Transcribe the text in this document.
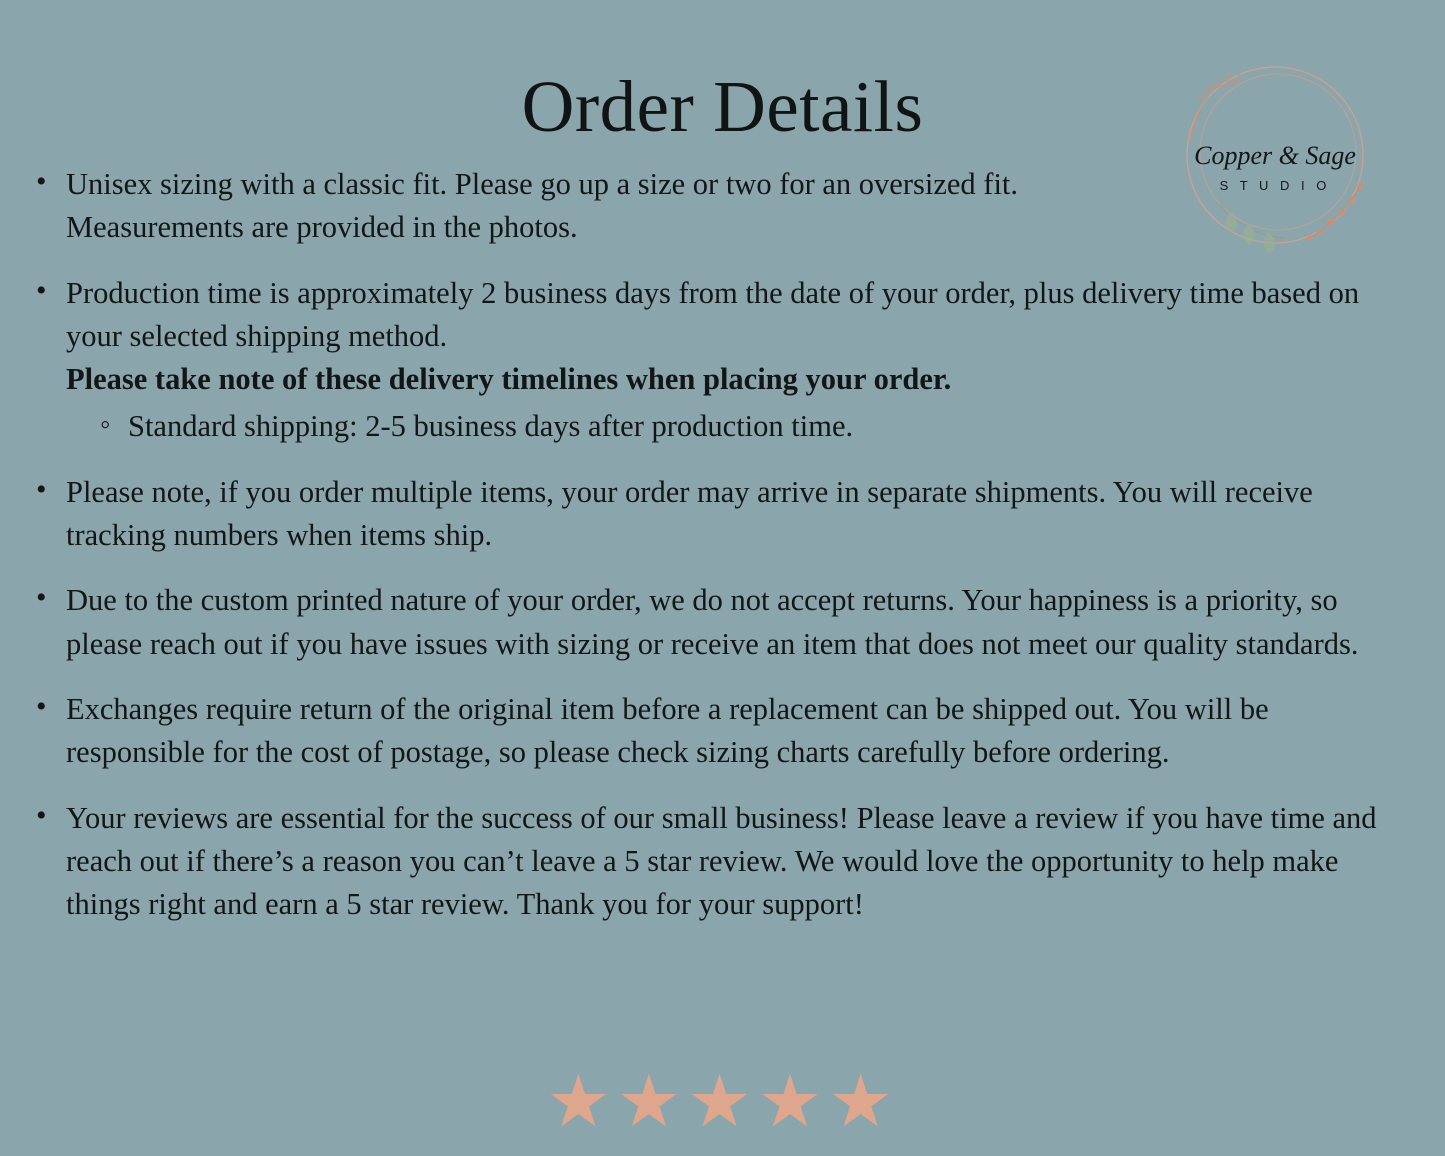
Order Details
Copper & Sage
S T U D I O
• Unisex sizing with a classic fit. Please go up a size or two for an oversized fit. Measurements are provided in the photos.
• Production time is approximately 2 business days from the date of your order, plus delivery time based on your selected shipping method.
Please take note of these delivery timelines when placing your order.
◦ Standard shipping: 2-5 business days after production time.
• Please note, if you order multiple items, your order may arrive in separate shipments. You will receive tracking numbers when items ship.
• Due to the custom printed nature of your order, we do not accept returns. Your happiness is a priority, so please reach out if you have issues with sizing or receive an item that does not meet our quality standards.
• Exchanges require return of the original item before a replacement can be shipped out. You will be responsible for the cost of postage, so please check sizing charts carefully before ordering.
• Your reviews are essential for the success of our small business! Please leave a review if you have time and reach out if there’s a reason you can’t leave a 5 star review. We would love the opportunity to help make things right and earn a 5 star review. Thank you for your support!
★★★★★
